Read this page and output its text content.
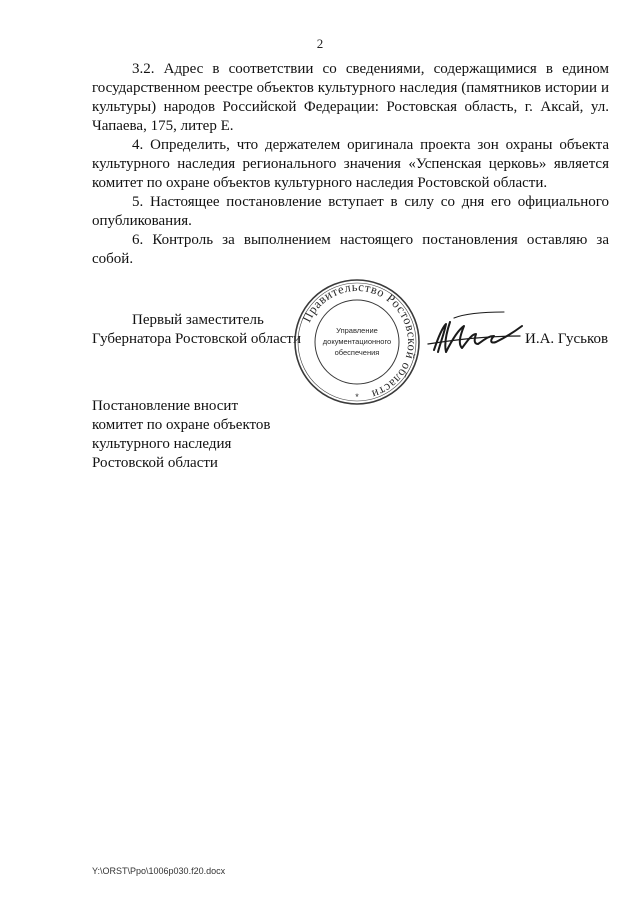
2

3.2. Адрес в соответствии со сведениями, содержащимися в едином государственном реестре объектов культурного наследия (памятников истории и культуры) народов Российской Федерации: Ростовская область, г. Аксай, ул. Чапаева, 175, литер Е.

4. Определить, что держателем оригинала проекта зон охраны объекта культурного наследия регионального значения «Успенская церковь» является комитет по охране объектов культурного наследия Ростовской области.

5. Настоящее постановление вступает в силу со дня его официального опубликования.

6. Контроль за выполнением настоящего постановления оставляю за собой.

Первый заместитель
Губернатора Ростовской области
Правительство Ростовской области
Управление
документационного
обеспечения
*
И.А. Гуськов
Постановление вносит
комитет по охране объектов
культурного наследия
Ростовской области
Y:\ORST\Ppo\1006p030.f20.docx
